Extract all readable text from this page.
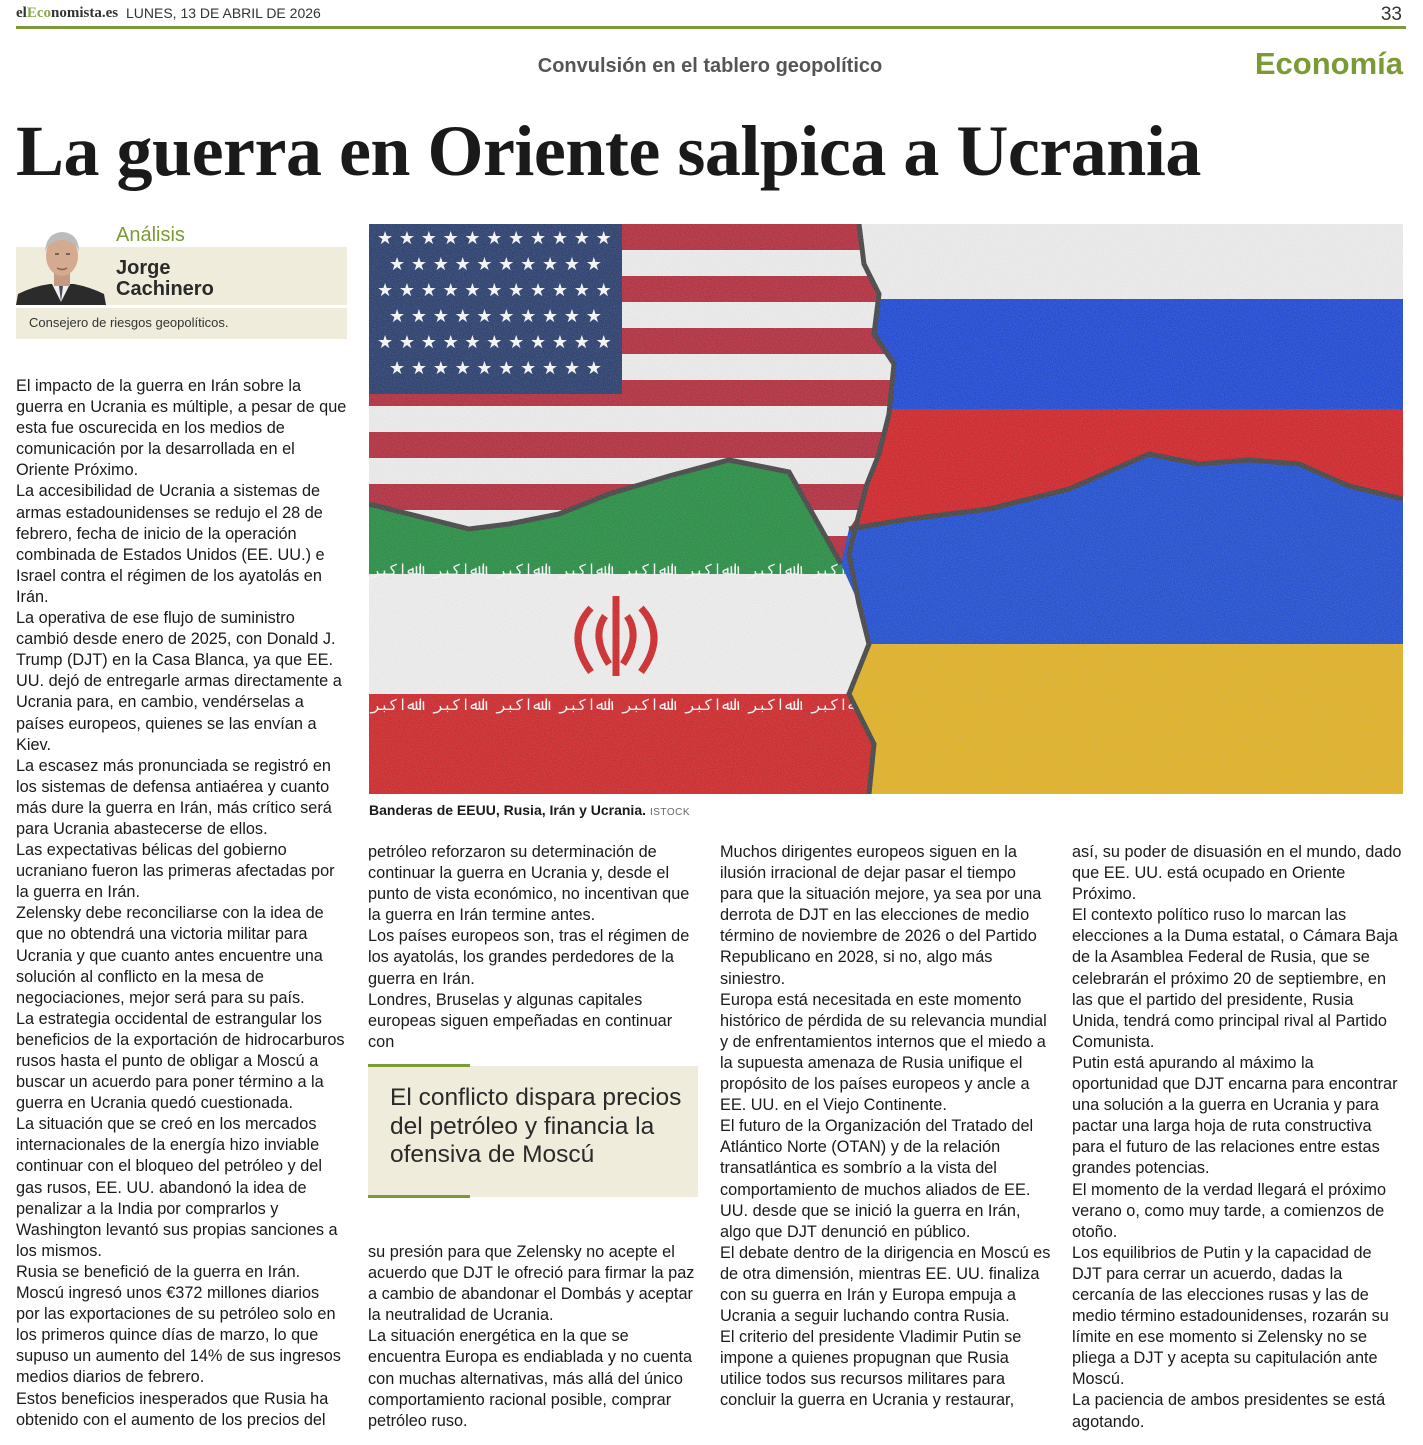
elEconomista.es LUNES, 13 DE ABRIL DE 2026	33
Convulsión en el tablero geopolítico	Economía
La guerra en Oriente salpica a Ucrania
Análisis
Jorge
Cachinero
Consejero de riesgos geopolíticos.

El impacto de la guerra en Irán sobre la guerra en Ucrania es múltiple, a pesar de que esta fue oscurecida en los medios de comunicación por la desarrollada en el Oriente Próximo.

La accesibilidad de Ucrania a sistemas de armas estadounidenses se redujo el 28 de febrero, fecha de inicio de la operación combinada de Estados Unidos (EE. UU.) e Israel contra el régimen de los ayatolás en Irán.

La operativa de ese flujo de suministro cambió desde enero de 2025, con Donald J. Trump (DJT) en la Casa Blanca, ya que EE. UU. dejó de entregarle armas directamente a Ucrania para, en cambio, vendérselas a países europeos, quienes se las envían a Kiev.

La escasez más pronunciada se registró en los sistemas de defensa antiaérea y cuanto más dure la guerra en Irán, más crítico será para Ucrania abastecerse de ellos.

Las expectativas bélicas del gobierno ucraniano fueron las primeras afectadas por la guerra en Irán.

Zelensky debe reconciliarse con la idea de que no obtendrá una victoria militar para Ucrania y que cuanto antes encuentre una solución al conflicto en la mesa de negociaciones, mejor será para su país.

La estrategia occidental de estrangular los beneficios de la exportación de hidrocarburos rusos hasta el punto de obligar a Moscú a buscar un acuerdo para poner término a la guerra en Ucrania quedó cuestionada.

La situación que se creó en los mercados internacionales de la energía hizo inviable continuar con el bloqueo del petróleo y del gas rusos, EE. UU. abandonó la idea de penalizar a la India por comprarlos y Washington levantó sus propias sanciones a los mismos.

Rusia se benefició de la guerra en Irán. Moscú ingresó unos €372 millones diarios por las exportaciones de su petróleo solo en los primeros quince días de marzo, lo que supuso un aumento del 14% de sus ingresos medios diarios de febrero.

Estos beneficios inesperados que Rusia ha obtenido con el aumento de los precios del

Banderas de EEUU, Rusia, Irán y Ucrania. ISTOCK

petróleo reforzaron su determinación de continuar la guerra en Ucrania y, desde el punto de vista económico, no incentivan que la guerra en Irán termine antes.

Los países europeos son, tras el régimen de los ayatolás, los grandes perdedores de la guerra en Irán.

Londres, Bruselas y algunas capitales europeas siguen empeñadas en continuar con

El conflicto dispara precios del petróleo y financia la ofensiva de Moscú

su presión para que Zelensky no acepte el acuerdo que DJT le ofreció para firmar la paz a cambio de abandonar el Dombás y aceptar la neutralidad de Ucrania.

La situación energética en la que se encuentra Europa es endiablada y no cuenta con muchas alternativas, más allá del único comportamiento racional posible, comprar petróleo ruso.

Muchos dirigentes europeos siguen en la ilusión irracional de dejar pasar el tiempo para que la situación mejore, ya sea por una derrota de DJT en las elecciones de medio término de noviembre de 2026 o del Partido Republicano en 2028, si no, algo más siniestro.

Europa está necesitada en este momento histórico de pérdida de su relevancia mundial y de enfrentamientos internos que el miedo a la supuesta amenaza de Rusia unifique el propósito de los países europeos y ancle a EE. UU. en el Viejo Continente.

El futuro de la Organización del Tratado del Atlántico Norte (OTAN) y de la relación transatlántica es sombrío a la vista del comportamiento de muchos aliados de EE. UU. desde que se inició la guerra en Irán, algo que DJT denunció en público.

El debate dentro de la dirigencia en Moscú es de otra dimensión, mientras EE. UU. finaliza con su guerra en Irán y Europa empuja a Ucrania a seguir luchando contra Rusia.

El criterio del presidente Vladimir Putin se impone a quienes propugnan que Rusia utilice todos sus recursos militares para concluir la guerra en Ucrania y restaurar,

así, su poder de disuasión en el mundo, dado que EE. UU. está ocupado en Oriente Próximo.

El contexto político ruso lo marcan las elecciones a la Duma estatal, o Cámara Baja de la Asamblea Federal de Rusia, que se celebrarán el próximo 20 de septiembre, en las que el partido del presidente, Rusia Unida, tendrá como principal rival al Partido Comunista.

Putin está apurando al máximo la oportunidad que DJT encarna para encontrar una solución a la guerra en Ucrania y para pactar una larga hoja de ruta constructiva para el futuro de las relaciones entre estas grandes potencias.

El momento de la verdad llegará el próximo verano o, como muy tarde, a comienzos de otoño.

Los equilibrios de Putin y la capacidad de DJT para cerrar un acuerdo, dadas la cercanía de las elecciones rusas y las de medio término estadounidenses, rozarán su límite en ese momento si Zelensky no se pliega a DJT y acepta su capitulación ante Moscú.

La paciencia de ambos presidentes se está agotando.
